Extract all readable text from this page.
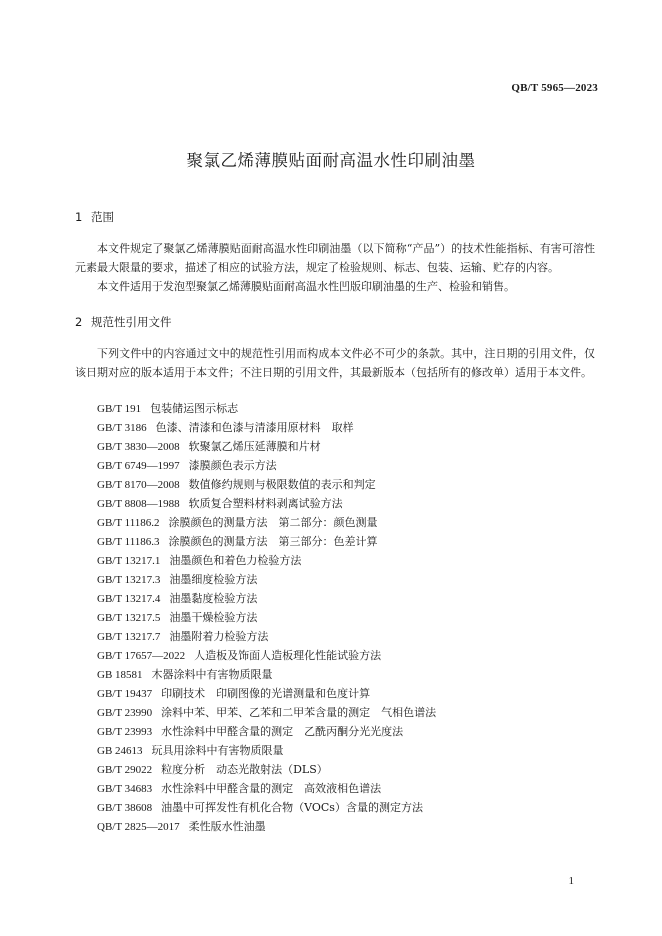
QB/T 5965—2023
聚氯乙烯薄膜贴面耐高温水性印刷油墨
1 范围

本文件规定了聚氯乙烯薄膜贴面耐高温水性印刷油墨（以下简称“产品”）的技术性能指标、有害可溶性元素最大限量的要求，描述了相应的试验方法，规定了检验规则、标志、包装、运输、贮存的内容。

本文件适用于发泡型聚氯乙烯薄膜贴面耐高温水性凹版印刷油墨的生产、检验和销售。

2 规范性引用文件

下列文件中的内容通过文中的规范性引用而构成本文件必不可少的条款。其中，注日期的引用文件，仅该日期对应的版本适用于本文件；不注日期的引用文件，其最新版本（包括所有的修改单）适用于本文件。

GB/T 191 包装储运图示标志
GB/T 3186 色漆、清漆和色漆与清漆用原材料　取样
GB/T 3830—2008 软聚氯乙烯压延薄膜和片材
GB/T 6749—1997 漆膜颜色表示方法
GB/T 8170—2008 数值修约规则与极限数值的表示和判定
GB/T 8808—1988 软质复合塑料材料剥离试验方法
GB/T 11186.2 涂膜颜色的测量方法　第二部分：颜色测量
GB/T 11186.3 涂膜颜色的测量方法　第三部分：色差计算
GB/T 13217.1 油墨颜色和着色力检验方法
GB/T 13217.3 油墨细度检验方法
GB/T 13217.4 油墨黏度检验方法
GB/T 13217.5 油墨干燥检验方法
GB/T 13217.7 油墨附着力检验方法
GB/T 17657—2022 人造板及饰面人造板理化性能试验方法
GB 18581 木器涂料中有害物质限量
GB/T 19437 印刷技术　印刷图像的光谱测量和色度计算
GB/T 23990 涂料中苯、甲苯、乙苯和二甲苯含量的测定　气相色谱法
GB/T 23993 水性涂料中甲醛含量的测定　乙酰丙酮分光光度法
GB 24613 玩具用涂料中有害物质限量
GB/T 29022 粒度分析　动态光散射法（DLS）
GB/T 34683 水性涂料中甲醛含量的测定　高效液相色谱法
GB/T 38608 油墨中可挥发性有机化合物（VOCs）含量的测定方法
QB/T 2825—2017 柔性版水性油墨
1
